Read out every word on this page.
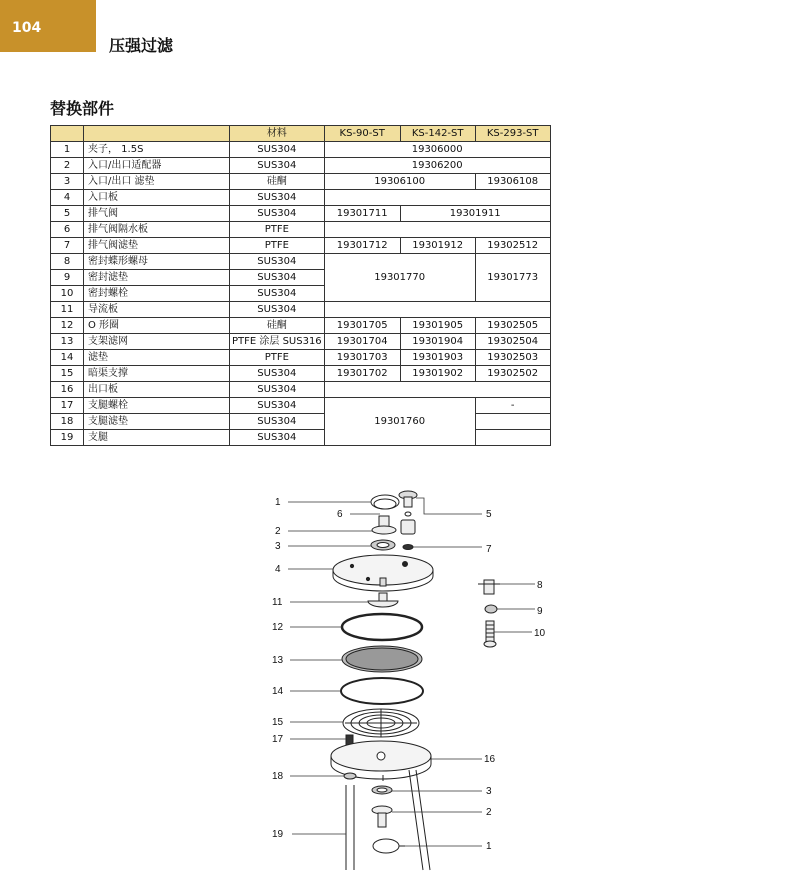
104
压强过滤
替换部件
		材料	KS-90-ST	KS-142-ST	KS-293-ST
1	夹子， 1.5S	SUS304	19306000		
2	入口/出口适配器	SUS304	19306200		
3	入口/出口 滤垫	硅酮	19306100		19306108
4	入口板	SUS304			
5	排气阀	SUS304	19301711	19301911	
6	排气阀隔水板	PTFE			
7	排气阀滤垫	PTFE	19301712	19301912	19302512
8	密封蝶形螺母	SUS304	19301770		19301773
9	密封滤垫	SUS304			
10	密封螺栓	SUS304			
11	导流板	SUS304			
12	O 形圈	硅酮	19301705	19301905	19302505
13	支架滤网	PTFE 涂层 SUS316	19301704	19301904	19302504
14	滤垫	PTFE	19301703	19301903	19302503
15	暗渠支撑	SUS304	19301702	19301902	19302502
16	出口板	SUS304			
17	支腿螺栓	SUS304	19301760		-
18	支腿滤垫	SUS304			
19	支腿	SUS304			
1
6	5
2
3	7
4
8
9
10
11
12
13
14
15
17
16
18
3
2
19
1
